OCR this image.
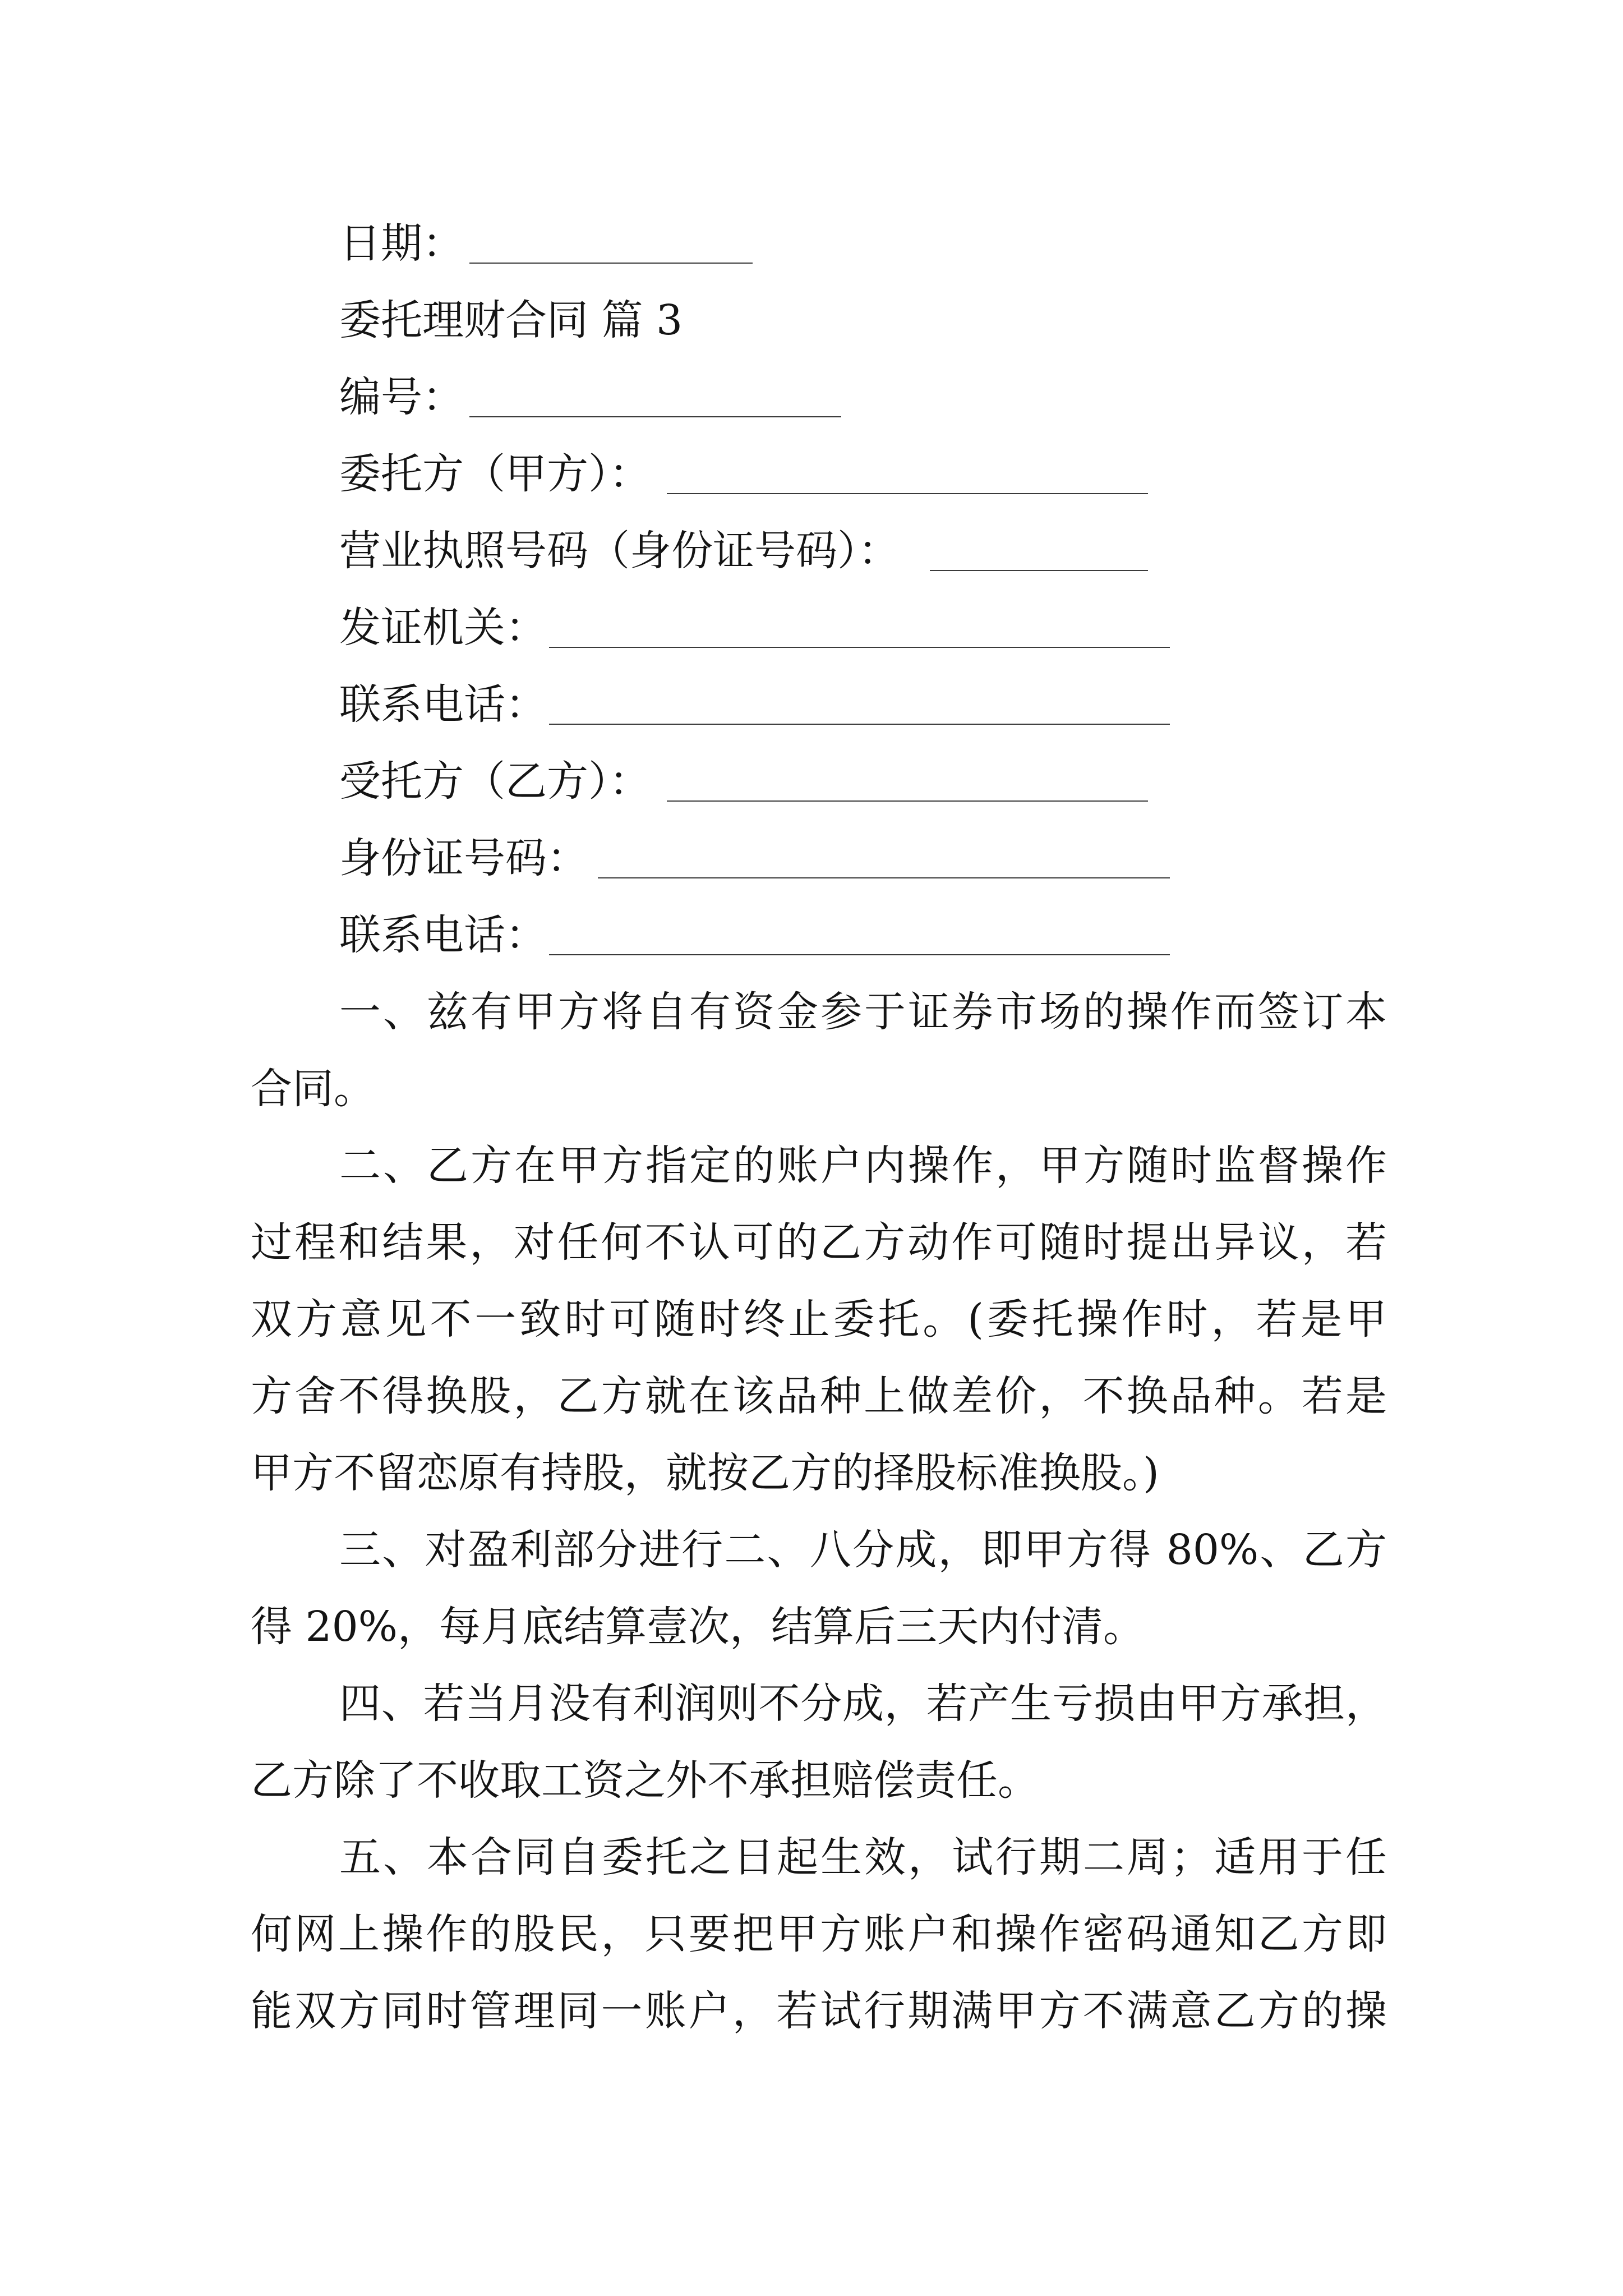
日期：
委托理财合同 篇 3
编号：
委托方（甲方）：
营业执照号码（身份证号码）：
发证机关：
联系电话：
受托方（乙方）：
身份证号码：
联系电话：
一、兹有甲方将自有资金参于证券市场的操作而签订本
合同。
二、乙方在甲方指定的账户内操作，甲方随时监督操作
过程和结果，对任何不认可的乙方动作可随时提出异议，若
双方意见不一致时可随时终止委托。(委托操作时，若是甲
方舍不得换股，乙方就在该品种上做差价，不换品种。若是
甲方不留恋原有持股，就按乙方的择股标准换股。)
三、对盈利部分进行二、八分成，即甲方得 80%、乙方
得 20%，每月底结算壹次，结算后三天内付清。
四、若当月没有利润则不分成，若产生亏损由甲方承担，
乙方除了不收取工资之外不承担赔偿责任。
五、本合同自委托之日起生效，试行期二周；适用于任
何网上操作的股民，只要把甲方账户和操作密码通知乙方即
能双方同时管理同一账户，若试行期满甲方不满意乙方的操
